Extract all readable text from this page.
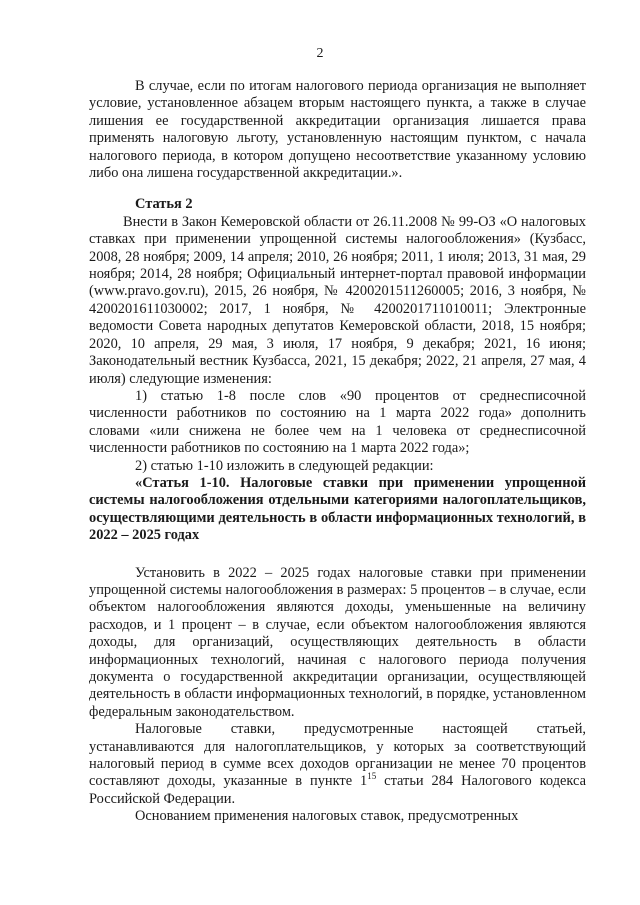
2

В случае, если по итогам налогового периода организация не выполняет условие, установленное абзацем вторым настоящего пункта, а также в случае лишения ее государственной аккредитации организация лишается права применять налоговую льготу, установленную настоящим пунктом, с начала налогового периода, в котором допущено несоответствие указанному условию либо она лишена государственной аккредитации.».

Статья 2

Внести в Закон Кемеровской области от 26.11.2008 № 99-ОЗ «О налоговых ставках при применении упрощенной системы налогообложения» (Кузбасс, 2008, 28 ноября; 2009, 14 апреля; 2010, 26 ноября; 2011, 1 июля; 2013, 31 мая, 29 ноября; 2014, 28 ноября; Официальный интернет-портал правовой информации (www.pravo.gov.ru), 2015, 26 ноября, № 4200201511260005; 2016, 3 ноября, № 4200201611030002; 2017, 1 ноября, № 4200201711010011; Электронные ведомости Совета народных депутатов Кемеровской области, 2018, 15 ноября; 2020, 10 апреля, 29 мая, 3 июля, 17 ноября, 9 декабря; 2021, 16 июня; Законодательный вестник Кузбасса, 2021, 15 декабря; 2022, 21 апреля, 27 мая, 4 июля) следующие изменения:

1) статью 1-8 после слов «90 процентов от среднесписочной численности работников по состоянию на 1 марта 2022 года» дополнить словами «или снижена не более чем на 1 человека от среднесписочной численности работников по состоянию на 1 марта 2022 года»;

2) статью 1-10 изложить в следующей редакции:

«Статья 1-10. Налоговые ставки при применении упрощенной системы налогообложения отдельными категориями налогоплательщиков, осуществляющими деятельность в области информационных технологий, в 2022 – 2025 годах

Установить в 2022 – 2025 годах налоговые ставки при применении упрощенной системы налогообложения в размерах: 5 процентов – в случае, если объектом налогообложения являются доходы, уменьшенные на величину расходов, и 1 процент – в случае, если объектом налогообложения являются доходы, для организаций, осуществляющих деятельность в области информационных технологий, начиная с налогового периода получения документа о государственной аккредитации организации, осуществляющей деятельность в области информационных технологий, в порядке, установленном федеральным законодательством.

Налоговые ставки, предусмотренные настоящей статьей, устанавливаются для налогоплательщиков, у которых за соответствующий налоговый период в сумме всех доходов организации не менее 70 процентов составляют доходы, указанные в пункте $1^{15}$ статьи 284 Налогового кодекса Российской Федерации.

Основанием применения налоговых ставок, предусмотренных
